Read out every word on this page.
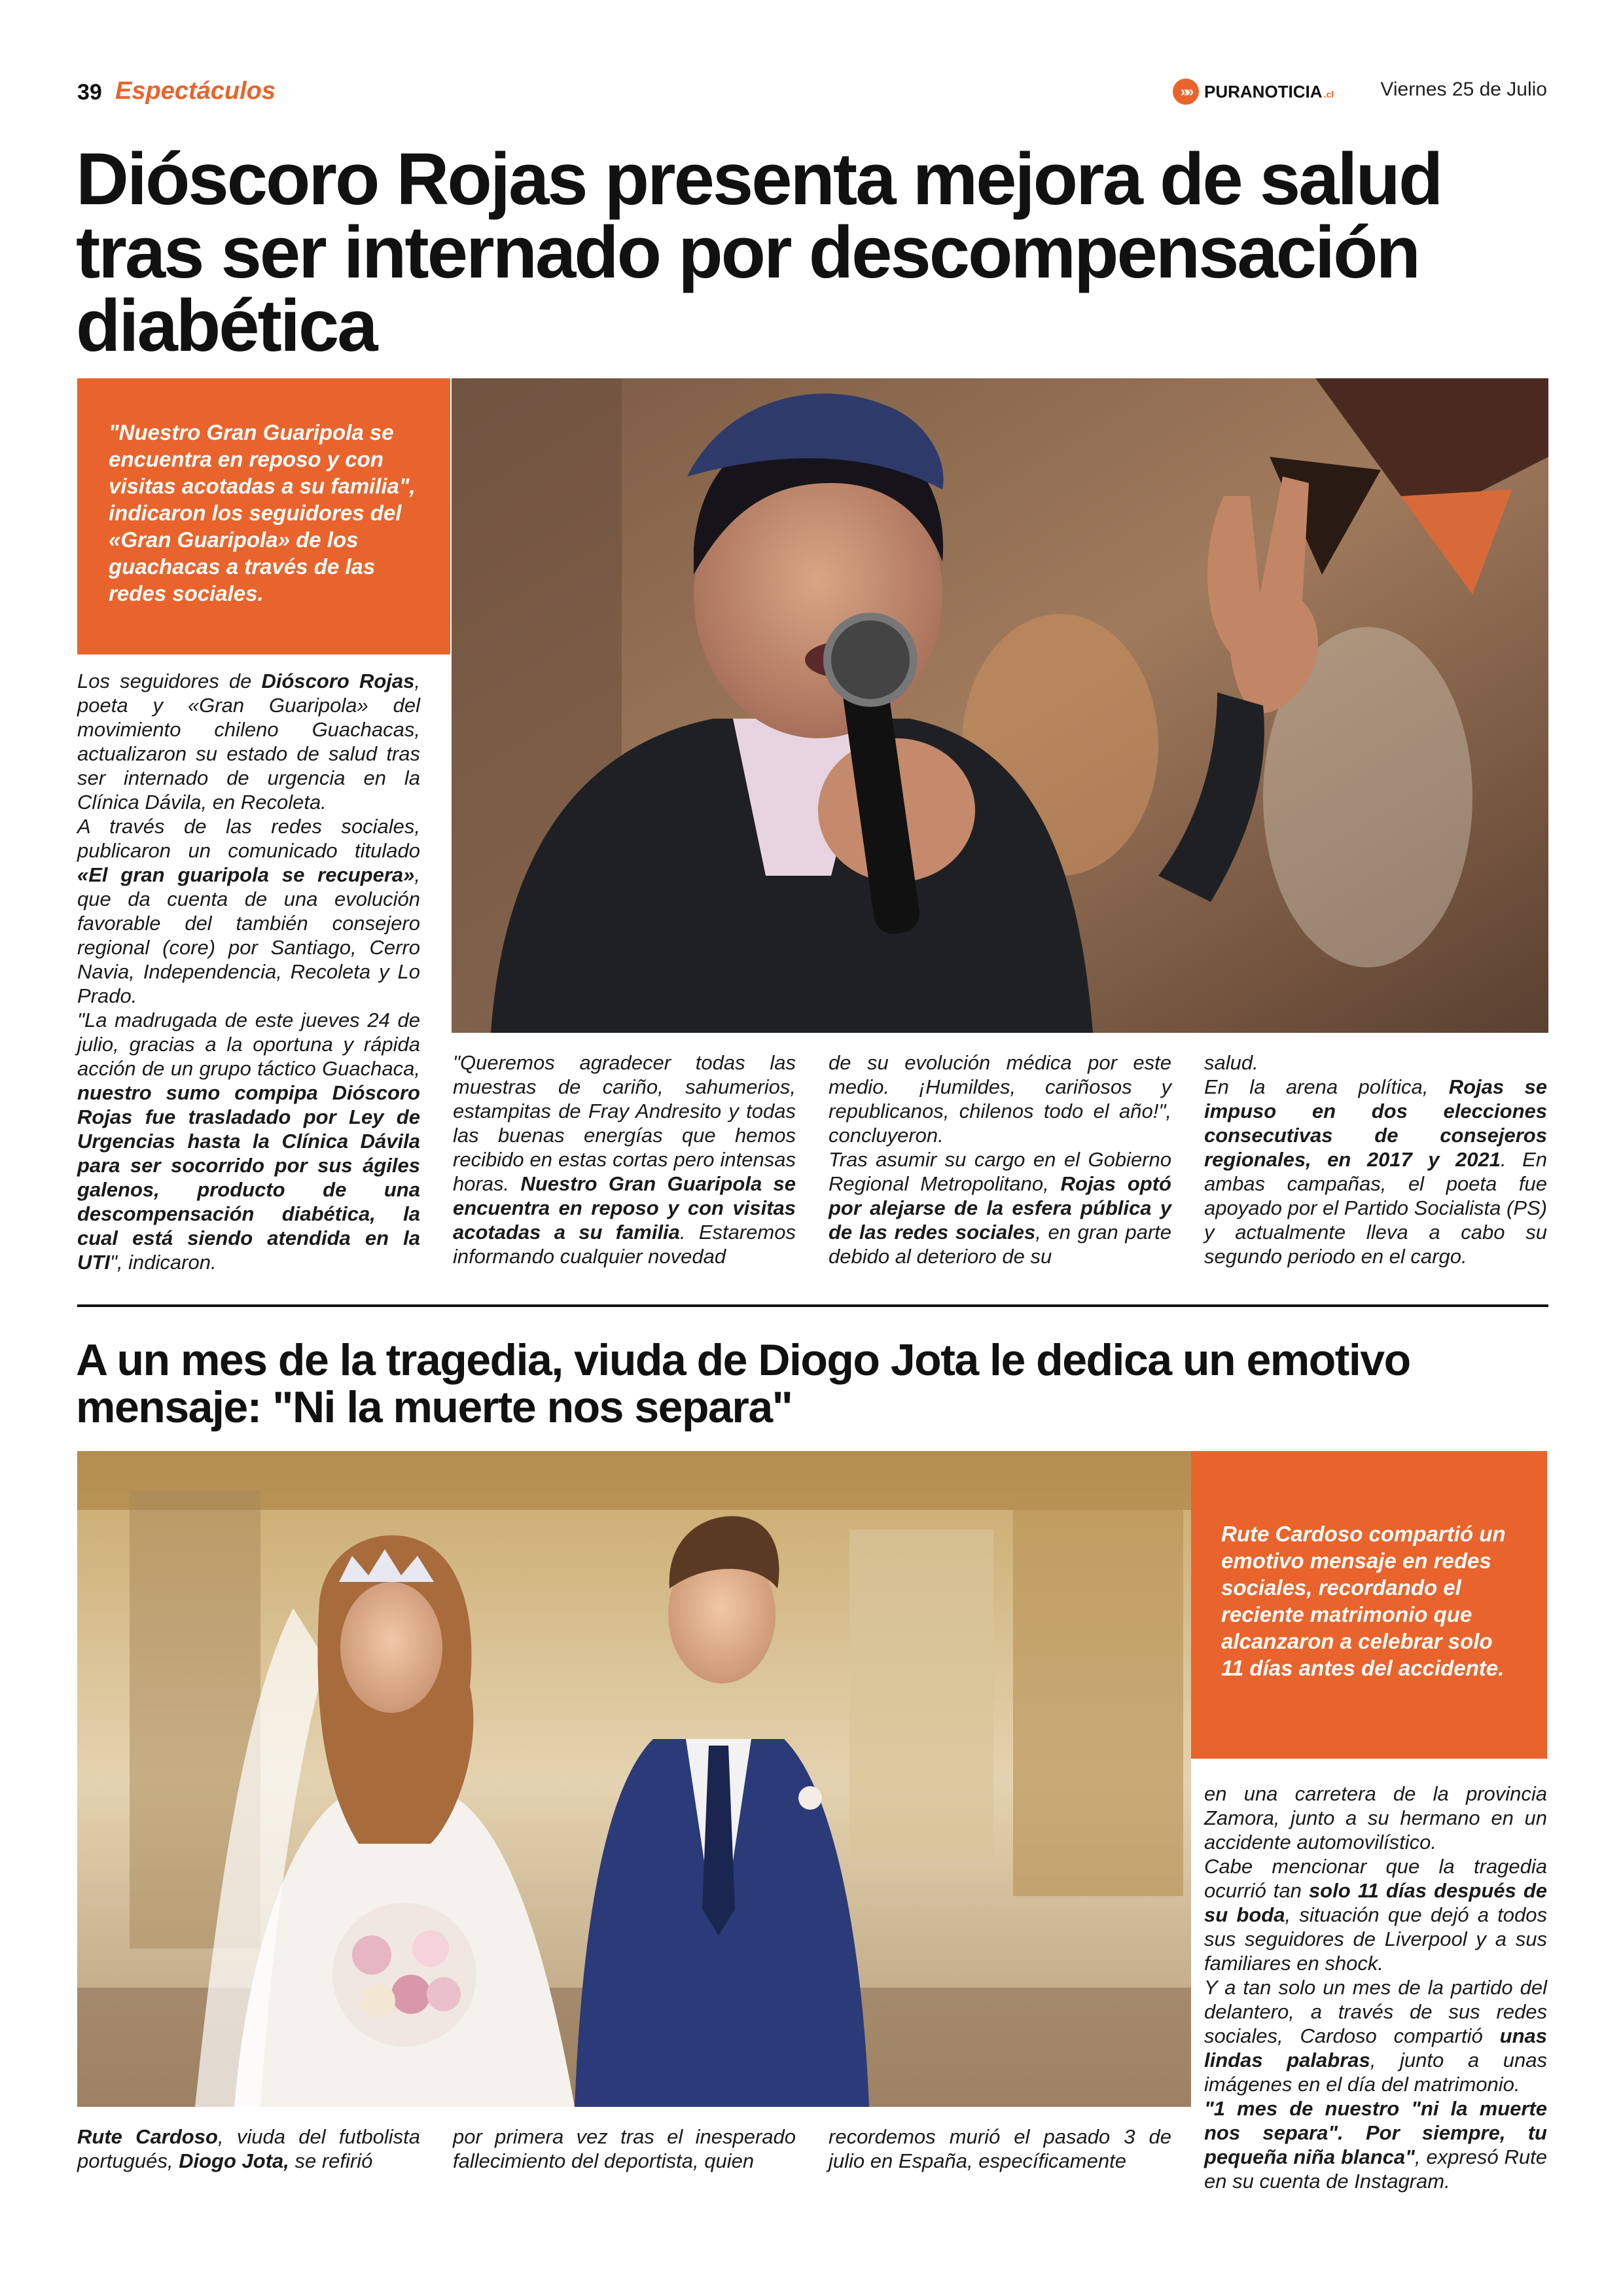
39 Espectáculos	»» PURANOTICIA .cl Viernes 25 de Julio
Dióscoro Rojas presenta mejora de salud tras ser internado por descompensación diabética
"Nuestro Gran Guaripola se encuentra en reposo y con visitas acotadas a su familia", indicaron los seguidores del «Gran Guaripola» de los guachacas a través de las redes sociales.

Los seguidores de Dióscoro Rojas, poeta y «Gran Guaripola» del movimiento chileno Guachacas, actualizaron su estado de salud tras ser internado de urgencia en la Clínica Dávila, en Recoleta.

A través de las redes sociales, publicaron un comunicado titulado «El gran guaripola se recupera», que da cuenta de una evolución favorable del también consejero regional (core) por Santiago, Cerro Navia, Independencia, Recoleta y Lo Prado.

"La madrugada de este jueves 24 de julio, gracias a la oportuna y rápida acción de un grupo táctico Guachaca, nuestro sumo compipa Dióscoro Rojas fue trasladado por Ley de Urgencias hasta la Clínica Dávila para ser socorrido por sus ágiles galenos, producto de una descompensación diabética, la cual está siendo atendida en la UTI", indicaron.

"Queremos agradecer todas las muestras de cariño, sahumerios, estampitas de Fray Andresito y todas las buenas energías que hemos recibido en estas cortas pero intensas horas. Nuestro Gran Guaripola se encuentra en reposo y con visitas acotadas a su familia. Estaremos informando cualquier novedad

de su evolución médica por este medio. ¡Humildes, cariñosos y republicanos, chilenos todo el año!", concluyeron.

Tras asumir su cargo en el Gobierno Regional Metropolitano, Rojas optó por alejarse de la esfera pública y de las redes sociales, en gran parte debido al deterioro de su

salud.

En la arena política, Rojas se impuso en dos elecciones consecutivas de consejeros regionales, en 2017 y 2021. En ambas campañas, el poeta fue apoyado por el Partido Socialista (PS) y actualmente lleva a cabo su segundo periodo en el cargo.

A un mes de la tragedia, viuda de Diogo Jota le dedica un emotivo mensaje: "Ni la muerte nos separa"
Rute Cardoso compartió un emotivo mensaje en redes sociales, recordando el reciente matrimonio que alcanzaron a celebrar solo 11 días antes del accidente.

en una carretera de la provincia Zamora, junto a su hermano en un accidente automovilístico.

Cabe mencionar que la tragedia ocurrió tan solo 11 días después de su boda, situación que dejó a todos sus seguidores de Liverpool y a sus familiares en shock.

Y a tan solo un mes de la partido del delantero, a través de sus redes sociales, Cardoso compartió unas lindas palabras, junto a unas imágenes en el día del matrimonio.

"1 mes de nuestro "ni la muerte nos separa". Por siempre, tu pequeña niña blanca", expresó Rute en su cuenta de Instagram.

Rute Cardoso, viuda del futbolista portugués, Diogo Jota, se refirió

por primera vez tras el inesperado fallecimiento del deportista, quien

recordemos murió el pasado 3 de julio en España, específicamente
